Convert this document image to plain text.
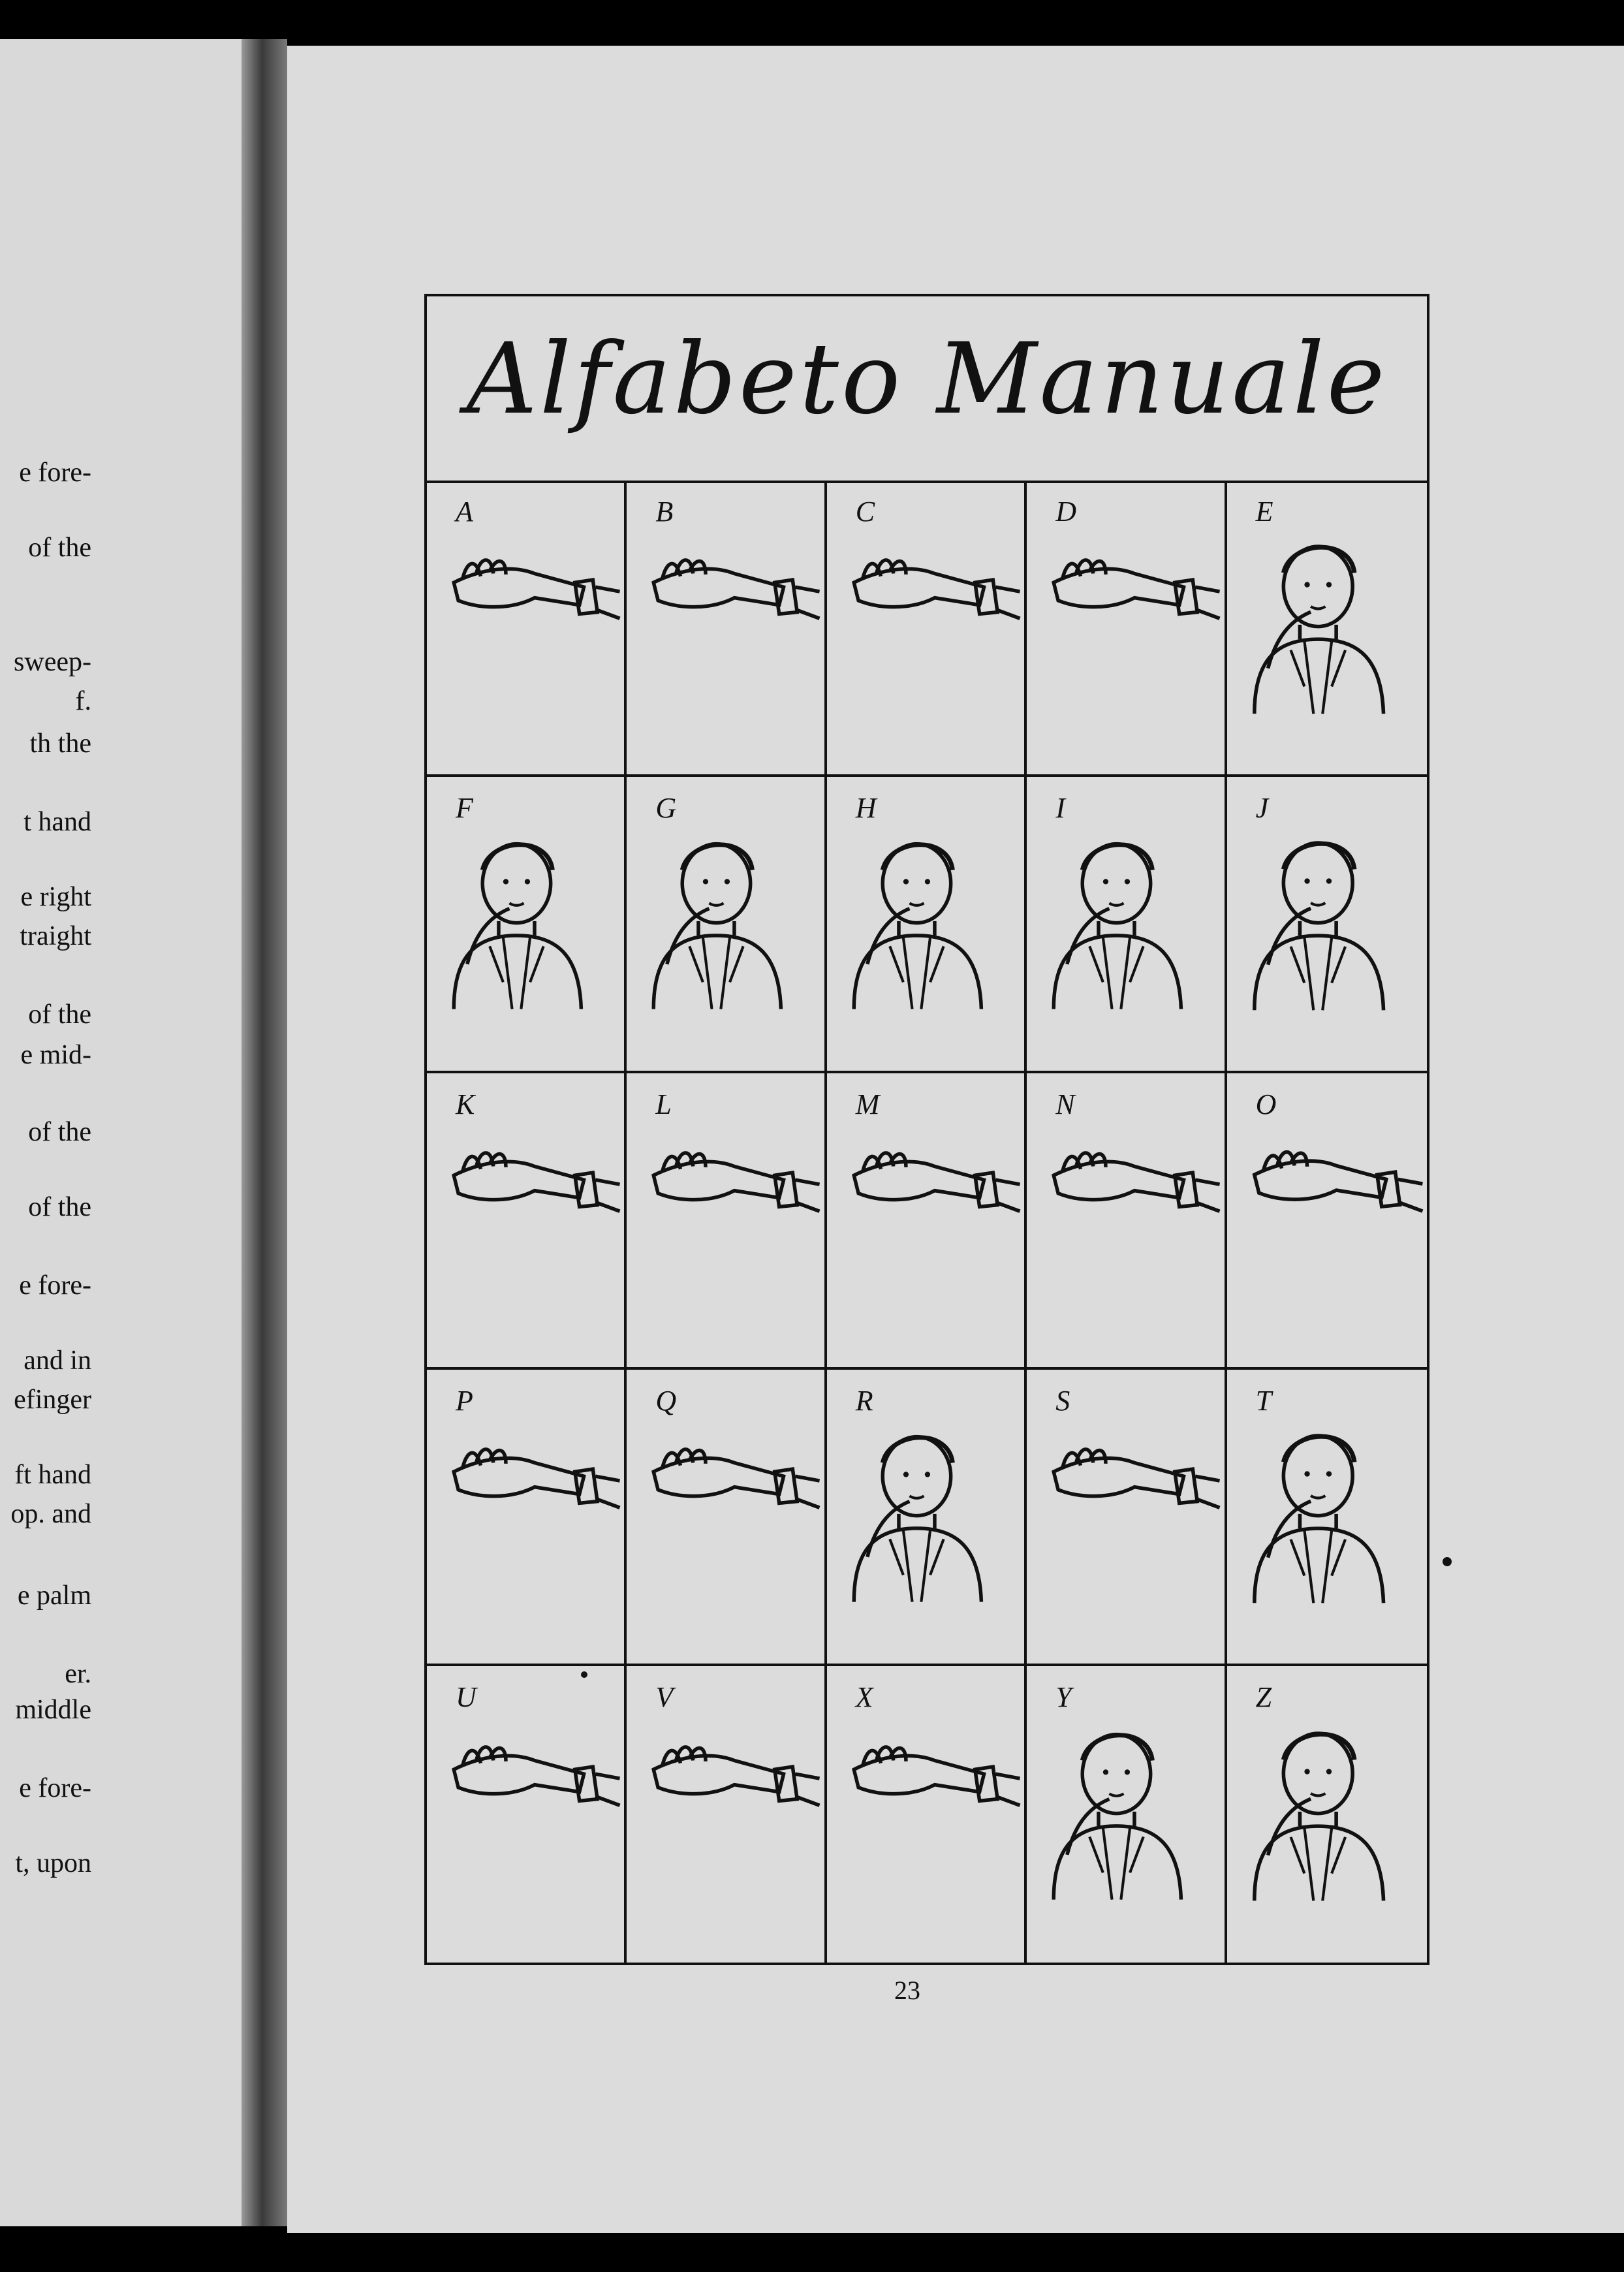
e fore-
of the
sweep-
f.
th the
t hand
e right
traight
of the
e mid-
of the
of the
e fore-
and in
efinger
ft hand
op. and
e palm
er.
middle
e fore-
t, upon
Alfabeto Manuale
A	B	C	D	E
F	G	H	I	J
K	L	M	N	O
P	Q	R	S	T
U	V	X	Y	Z
23
